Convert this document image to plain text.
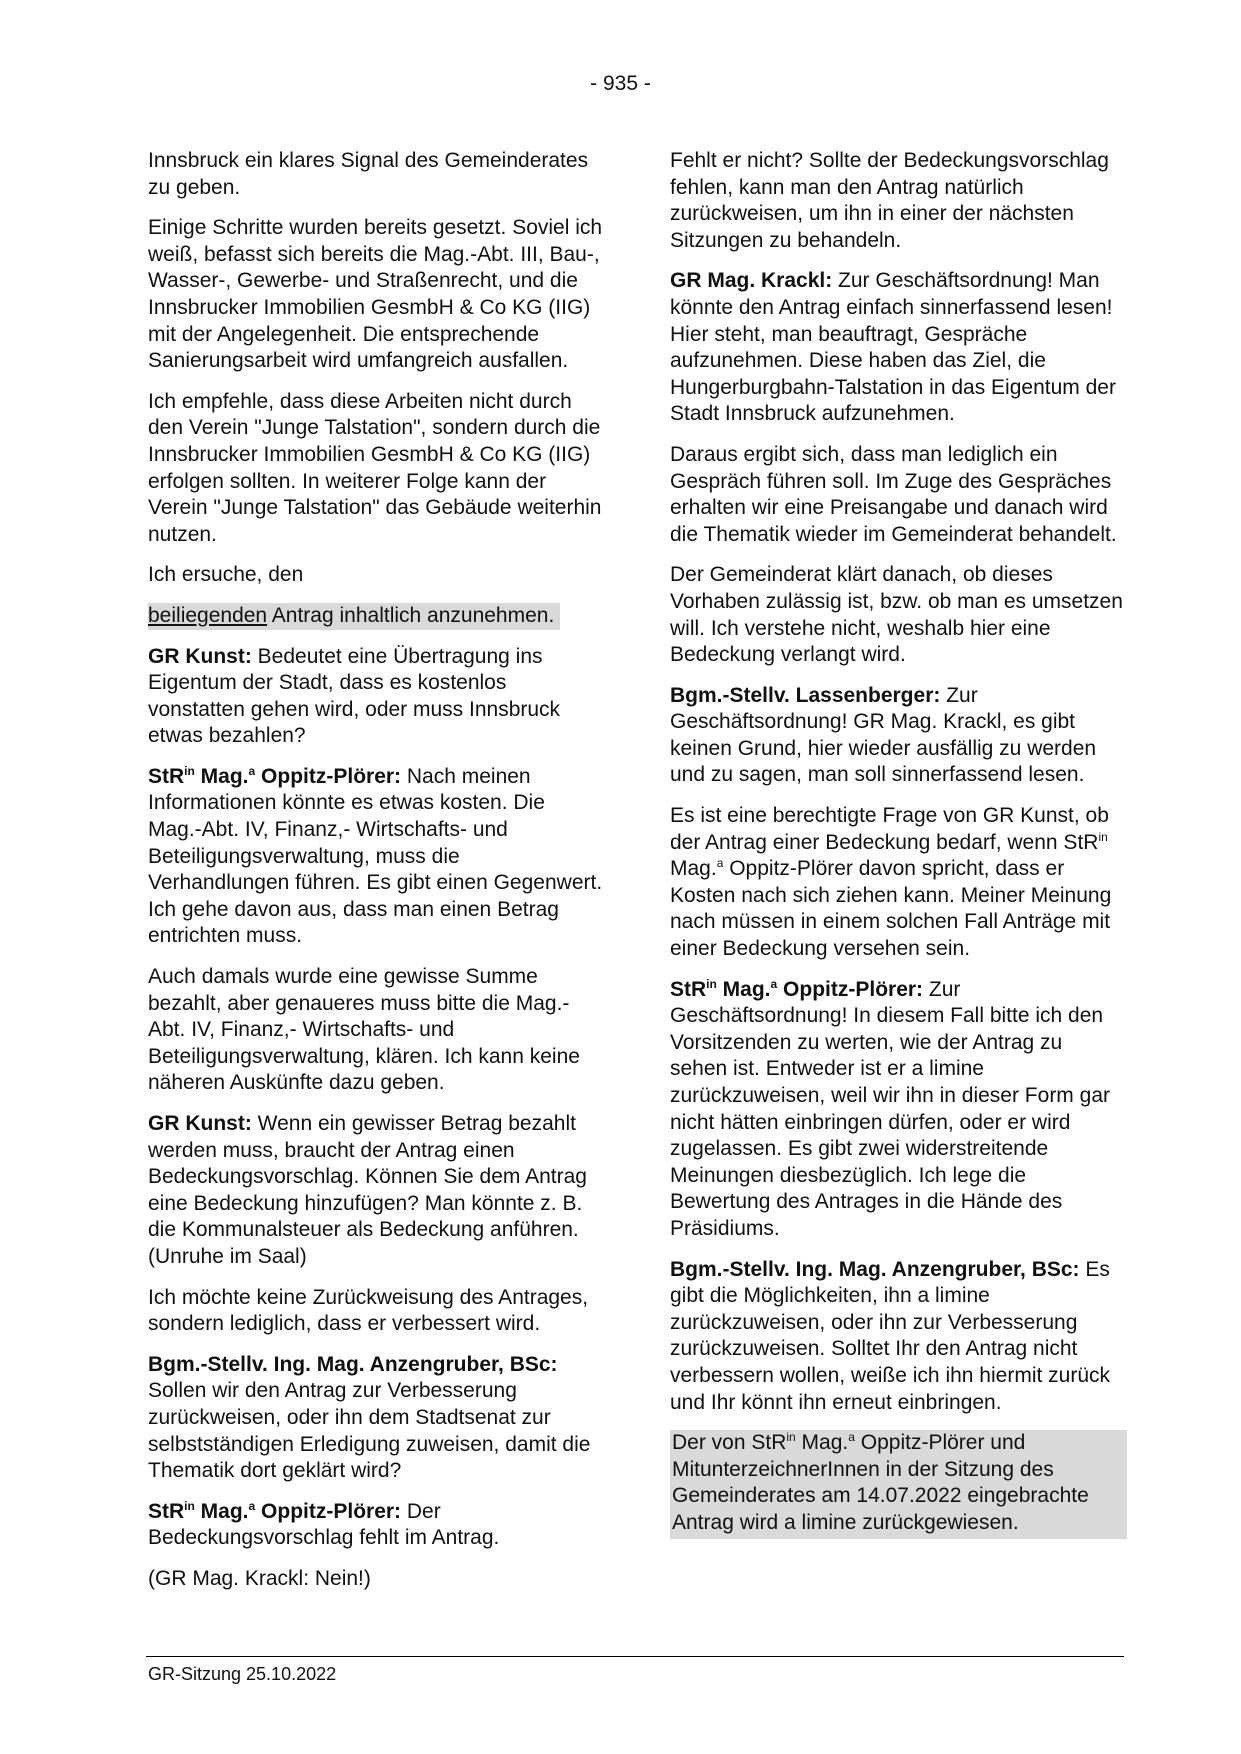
- 935 -

Innsbruck ein klares Signal des Gemeinderates zu geben.

Einige Schritte wurden bereits gesetzt. Soviel ich weiß, befasst sich bereits die Mag.-Abt. III, Bau-, Wasser-, Gewerbe- und Straßenrecht, und die Innsbrucker Immobilien GesmbH & Co KG (IIG) mit der Angelegenheit. Die entsprechende Sanierungsarbeit wird umfangreich ausfallen.

Ich empfehle, dass diese Arbeiten nicht durch den Verein "Junge Talstation", sondern durch die Innsbrucker Immobilien GesmbH & Co KG (IIG) erfolgen sollten. In weiterer Folge kann der Verein "Junge Talstation" das Gebäude weiterhin nutzen.

Ich ersuche, den

beiliegenden Antrag inhaltlich anzunehmen.

GR Kunst: Bedeutet eine Übertragung ins Eigentum der Stadt, dass es kostenlos vonstatten gehen wird, oder muss Innsbruck etwas bezahlen?

StR$^{in}$ Mag.$^a$ Oppitz-Plörer: Nach meinen Informationen könnte es etwas kosten. Die Mag.-Abt. IV, Finanz,- Wirtschafts- und Beteiligungsverwaltung, muss die Verhandlungen führen. Es gibt einen Gegenwert. Ich gehe davon aus, dass man einen Betrag entrichten muss.

Auch damals wurde eine gewisse Summe bezahlt, aber genaueres muss bitte die Mag.-Abt. IV, Finanz,- Wirtschafts- und Beteiligungsverwaltung, klären. Ich kann keine näheren Auskünfte dazu geben.

GR Kunst: Wenn ein gewisser Betrag bezahlt werden muss, braucht der Antrag einen Bedeckungsvorschlag. Können Sie dem Antrag eine Bedeckung hinzufügen? Man könnte z. B. die Kommunalsteuer als Bedeckung anführen. (Unruhe im Saal)

Ich möchte keine Zurückweisung des Antrages, sondern lediglich, dass er verbessert wird.

Bgm.-Stellv. Ing. Mag. Anzengruber, BSc: Sollen wir den Antrag zur Verbesserung zurückweisen, oder ihn dem Stadtsenat zur selbstständigen Erledigung zuweisen, damit die Thematik dort geklärt wird?

StR$^{in}$ Mag.$^a$ Oppitz-Plörer: Der Bedeckungsvorschlag fehlt im Antrag.

(GR Mag. Krackl: Nein!)

Fehlt er nicht? Sollte der Bedeckungsvorschlag fehlen, kann man den Antrag natürlich zurückweisen, um ihn in einer der nächsten Sitzungen zu behandeln.

GR Mag. Krackl: Zur Geschäftsordnung! Man könnte den Antrag einfach sinnerfassend lesen! Hier steht, man beauftragt, Gespräche aufzunehmen. Diese haben das Ziel, die Hungerburgbahn-Talstation in das Eigentum der Stadt Innsbruck aufzunehmen.

Daraus ergibt sich, dass man lediglich ein Gespräch führen soll. Im Zuge des Gespräches erhalten wir eine Preisangabe und danach wird die Thematik wieder im Gemeinderat behandelt.

Der Gemeinderat klärt danach, ob dieses Vorhaben zulässig ist, bzw. ob man es umsetzen will. Ich verstehe nicht, weshalb hier eine Bedeckung verlangt wird.

Bgm.-Stellv. Lassenberger: Zur Geschäftsordnung! GR Mag. Krackl, es gibt keinen Grund, hier wieder ausfällig zu werden und zu sagen, man soll sinnerfassend lesen.

Es ist eine berechtigte Frage von GR Kunst, ob der Antrag einer Bedeckung bedarf, wenn StR$^{in}$ Mag.$^a$ Oppitz-Plörer davon spricht, dass er Kosten nach sich ziehen kann. Meiner Meinung nach müssen in einem solchen Fall Anträge mit einer Bedeckung versehen sein.

StR$^{in}$ Mag.$^a$ Oppitz-Plörer: Zur Geschäftsordnung! In diesem Fall bitte ich den Vorsitzenden zu werten, wie der Antrag zu sehen ist. Entweder ist er a limine zurückzuweisen, weil wir ihn in dieser Form gar nicht hätten einbringen dürfen, oder er wird zugelassen. Es gibt zwei widerstreitende Meinungen diesbezüglich. Ich lege die Bewertung des Antrages in die Hände des Präsidiums.

Bgm.-Stellv. Ing. Mag. Anzengruber, BSc: Es gibt die Möglichkeiten, ihn a limine zurückzuweisen, oder ihn zur Verbesserung zurückzuweisen. Solltet Ihr den Antrag nicht verbessern wollen, weiße ich ihn hiermit zurück und Ihr könnt ihn erneut einbringen.

Der von StR$^{in}$ Mag.$^a$ Oppitz-Plörer und MitunterzeichnerInnen in der Sitzung des Gemeinderates am 14.07.2022 eingebrachte Antrag wird a limine zurückgewiesen.

GR-Sitzung 25.10.2022
